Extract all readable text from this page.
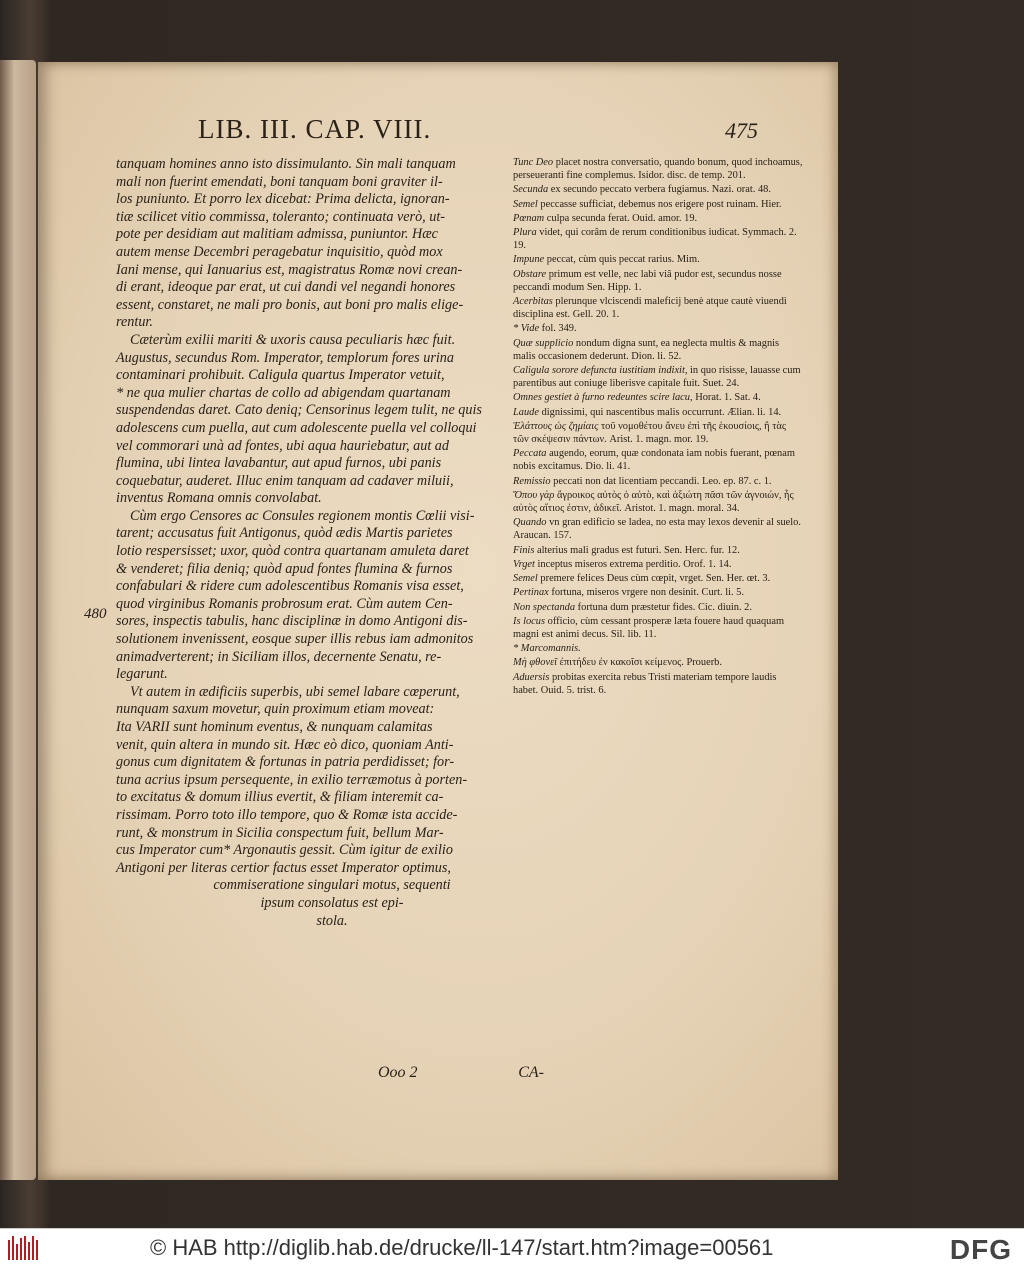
LIB. III. CAP. VIII.	475
480

tanquam homines anno isto dissimulanto. Sin mali tanquam

mali non fuerint emendati, boni tanquam boni graviter il-

los puniunto. Et porro lex dicebat: Prima delicta, ignoran-

tiæ scilicet vitio commissa, toleranto; continuata verò, ut-

pote per desidiam aut malitiam admissa, puniuntor. Hæc

autem mense Decembri peragebatur inquisitio, quòd mox

Iani mense, qui Ianuarius est, magistratus Romæ novi crean-

di erant, ideoque par erat, ut cui dandi vel negandi honores

essent, constaret, ne mali pro bonis, aut boni pro malis elige-

rentur.

Cæterùm exilii mariti & uxoris causa peculiaris hæc fuit.

Augustus, secundus Rom. Imperator, templorum fores urina

contaminari prohibuit. Caligula quartus Imperator vetuit,

* ne qua mulier chartas de collo ad abigendam quartanam

suspendendas daret. Cato deniq; Censorinus legem tulit, ne quis

adolescens cum puella, aut cum adolescente puella vel colloqui

vel commorari unà ad fontes, ubi aqua hauriebatur, aut ad

flumina, ubi lintea lavabantur, aut apud furnos, ubi panis

coquebatur, auderet. Illuc enim tanquam ad cadaver miluii,

inventus Romana omnis convolabat.

Cùm ergo Censores ac Consules regionem montis Cœlii visi-

tarent; accusatus fuit Antigonus, quòd ædis Martis parietes

lotio respersisset; uxor, quòd contra quartanam amuleta daret

& venderet; filia deniq; quòd apud fontes flumina & furnos

confabulari & ridere cum adolescentibus Romanis visa esset,

quod virginibus Romanis probrosum erat. Cùm autem Cen-

sores, inspectis tabulis, hanc disciplinæ in domo Antigoni dis-

solutionem invenissent, eosque super illis rebus iam admonitos

animadverterent; in Siciliam illos, decernente Senatu, re-

legarunt.

Vt autem in ædificiis superbis, ubi semel labare cœperunt,

nunquam saxum movetur, quin proximum etiam moveat:

Ita VARII sunt hominum eventus, & nunquam calamitas

venit, quin altera in mundo sit. Hæc eò dico, quoniam Anti-

gonus cum dignitatem & fortunas in patria perdidisset; for-

tuna acrius ipsum persequente, in exilio terræmotus à porten-

to excitatus & domum illius evertit, & filiam interemit ca-

rissimam. Porro toto illo tempore, quo & Romæ ista accide-

runt, & monstrum in Sicilia conspectum fuit, bellum Mar-

cus Imperator cum* Argonautis gessit. Cùm igitur de exilio

Antigoni per literas certior factus esset Imperator optimus,

commiseratione singulari motus, sequenti

ipsum consolatus est epi-

stola.

Tunc Deo placet nostra conversatio, quando bonum, quod inchoamus, perseueranti fine complemus. Isidor. disc. de temp. 201.

Secunda ex secundo peccato verbera fugiamus. Nazi. orat. 48.

Semel peccasse sufficiat, debemus nos erigere post ruinam. Hier.

Pœnam culpa secunda ferat. Ouid. amor. 19.

Plura videt, qui corâm de rerum conditionibus iudicat. Symmach. 2. 19.

Impune peccat, cùm quis peccat rarius. Mim.

Obstare primum est velle, nec labi viâ pudor est, secundus nosse peccandi modum Sen. Hipp. 1.

Acerbitas plerunque vlciscendi maleficij benè atque cautè viuendi disciplina est. Gell. 20. 1.

* Vide fol. 349.

Quæ supplicio nondum digna sunt, ea neglecta multis & magnis malis occasionem dederunt. Dion. li. 52.

Caligula sorore defuncta iustitiam indixit, in quo risisse, lauasse cum parentibus aut coniuge liberisve capitale fuit. Suet. 24.

Omnes gestiet à furno redeuntes scire lacu, Horat. 1. Sat. 4.

Laude dignissimi, qui nascentibus malis occurrunt. Ælian. li. 14.

Ἐλάττους ὡς ζημίαις τοῦ νομοθέτου ἄνευ ἐπὶ τῆς ἑκουσίοις, ἢ τὰς τῶν σκέψεσιν πάντων. Arist. 1. magn. mor. 19.

Peccata augendo, eorum, quæ condonata iam nobis fuerant, pœnam nobis excitamus. Dio. li. 41.

Remissio peccati non dat licentiam peccandi. Leo. ep. 87. c. 1.

Ὅπου γὰρ ἄγροικος αὐτὸς ὁ αὐτὸ, καὶ ἀξιώτη πᾶσι τῶν ἀγνοιών, ἧς αὐτὸς αἴτιος ἐστιν, ἀδικεῖ. Aristot. 1. magn. moral. 34.

Quando vn gran edificio se ladea, no esta may lexos devenir al suelo. Araucan. 157.

Finis alterius mali gradus est futuri. Sen. Herc. fur. 12.

Vrget inceptus miseros extrema perditio. Orof. 1. 14.

Semel premere felices Deus cùm cœpit, vrget. Sen. Her. œt. 3.

Pertinax fortuna, miseros vrgere non desinit. Curt. li. 5.

Non spectanda fortuna dum præstetur fides. Cic. diuin. 2.

Is locus officio, cùm cessant prosperæ læta fouere haud quaquam magni est animi decus. Sil. lib. 11.

* Marcomannis.

Μὴ φθονεῖ ἐπιτήδευ ἐν κακοῖσι κείμενος. Prouerb.

Aduersis probitas exercita rebus Tristi materiam tempore laudis habet. Ouid. 5. trist. 6.

Ooo 2	CA-
© HAB http://diglib.hab.de/drucke/ll-147/start.htm?image=00561	DFG
